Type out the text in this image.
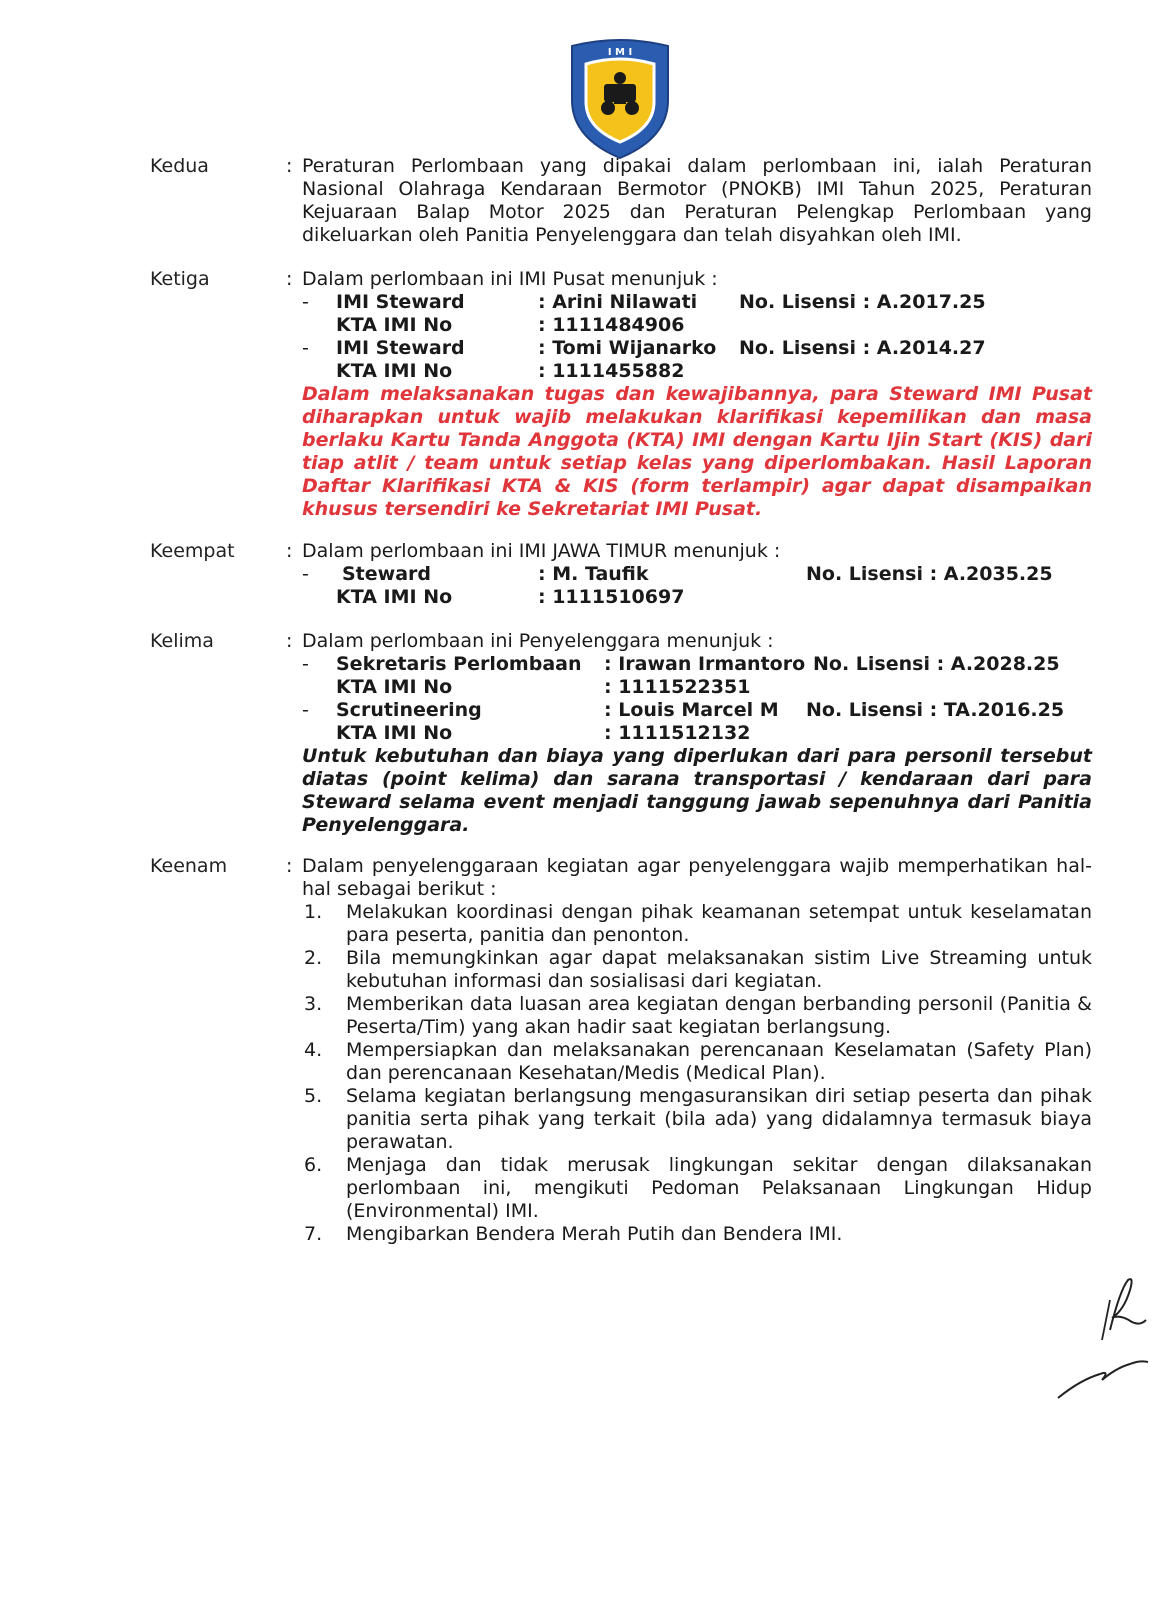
I M I
Kedua	: Peraturan Perlombaan yang dipakai dalam perlombaan ini, ialah Peraturan Nasional Olahraga Kendaraan Bermotor (PNOKB) IMI Tahun 2025, Peraturan Kejuaraan Balap Motor 2025 dan Peraturan Pelengkap Perlombaan yang dikeluarkan oleh Panitia Penyelenggara dan telah disyahkan oleh IMI.
Ketiga	: Dalam perlombaan ini IMI Pusat menunjuk :
- IMI Steward	: Arini Nilawati No. Lisensi : A.2017.25
KTA IMI No	: 1111484906
- IMI Steward	: Tomi Wijanarko No. Lisensi : A.2014.27
KTA IMI No	: 1111455882
Dalam melaksanakan tugas dan kewajibannya, para Steward IMI Pusat diharapkan untuk wajib melakukan klarifikasi kepemilikan dan masa berlaku Kartu Tanda Anggota (KTA) IMI dengan Kartu Ijin Start (KIS) dari tiap atlit / team untuk setiap kelas yang diperlombakan. Hasil Laporan Daftar Klarifikasi KTA & KIS (form terlampir) agar dapat disampaikan khusus tersendiri ke Sekretariat IMI Pusat.
Keempat	: Dalam perlombaan ini IMI JAWA TIMUR menunjuk :
- Steward	: M. Taufik	No. Lisensi : A.2035.25
KTA IMI No	: 1111510697
Kelima	: Dalam perlombaan ini Penyelenggara menunjuk :
- Sekretaris Perlombaan : Irawan Irmantoro No. Lisensi : A.2028.25
KTA IMI No	: 1111522351
- Scrutineering	: Louis Marcel M No. Lisensi : TA.2016.25
KTA IMI No	: 1111512132
Untuk kebutuhan dan biaya yang diperlukan dari para personil tersebut diatas (point kelima) dan sarana transportasi / kendaraan dari para Steward selama event menjadi tanggung jawab sepenuhnya dari Panitia Penyelenggara.
Keenam	: Dalam penyelenggaraan kegiatan agar penyelenggara wajib memperhatikan hal-hal sebagai berikut :
1. Melakukan koordinasi dengan pihak keamanan setempat untuk keselamatan para peserta, panitia dan penonton.
2. Bila memungkinkan agar dapat melaksanakan sistim Live Streaming untuk kebutuhan informasi dan sosialisasi dari kegiatan.
3. Memberikan data luasan area kegiatan dengan berbanding personil (Panitia & Peserta/Tim) yang akan hadir saat kegiatan berlangsung.
4. Mempersiapkan dan melaksanakan perencanaan Keselamatan (Safety Plan) dan perencanaan Kesehatan/Medis (Medical Plan).
5. Selama kegiatan berlangsung mengasuransikan diri setiap peserta dan pihak panitia serta pihak yang terkait (bila ada) yang didalamnya termasuk biaya perawatan.
6. Menjaga dan tidak merusak lingkungan sekitar dengan dilaksanakan perlombaan ini, mengikuti Pedoman Pelaksanaan Lingkungan Hidup (Environmental) IMI.
7. Mengibarkan Bendera Merah Putih dan Bendera IMI.
